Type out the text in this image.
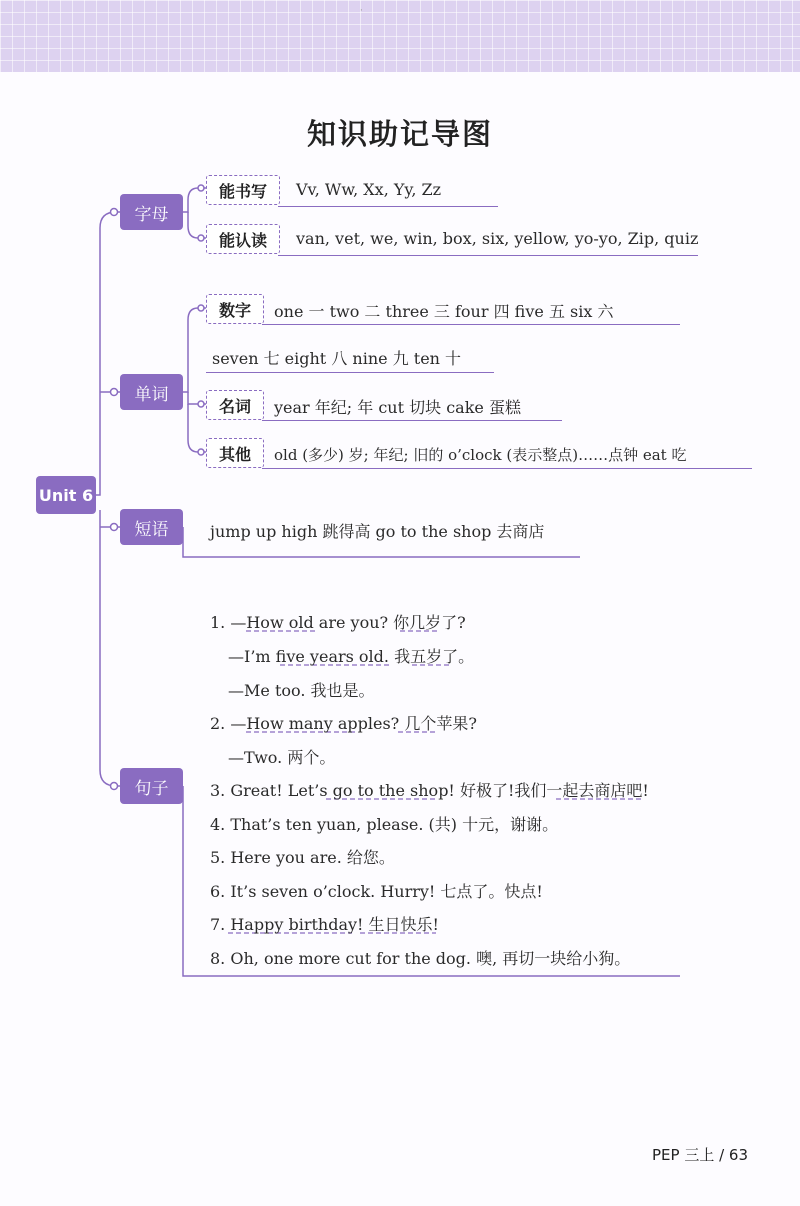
·
知识助记导图
Unit 6
字母
单词
短语
句子
能书写	Vv, Ww, Xx, Yy, Zz
能认读	van, vet, we, win, box, six, yellow, yo-yo, Zip, quiz
数字	one 一 two 二 three 三 four 四 five 五 six 六
seven 七 eight 八 nine 九 ten 十
名词	year 年纪; 年 cut 切块 cake 蛋糕
其他	old (多少) 岁; 年纪; 旧的 o’clock (表示整点)……点钟 eat 吃
jump up high 跳得高 go to the shop 去商店
1. —How old are you? 你几岁了?
—I’m five years old. 我五岁了。
—Me too. 我也是。
2. —How many apples? 几个苹果?
—Two. 两个。
3. Great! Let’s go to the shop! 好极了!我们一起去商店吧!
4. That’s ten yuan, please. (共) 十元，谢谢。
5. Here you are. 给您。
6. It’s seven o’clock. Hurry! 七点了。快点!
7. Happy birthday! 生日快乐!
8. Oh, one more cut for the dog. 噢, 再切一块给小狗。
PEP 三上 / 63
